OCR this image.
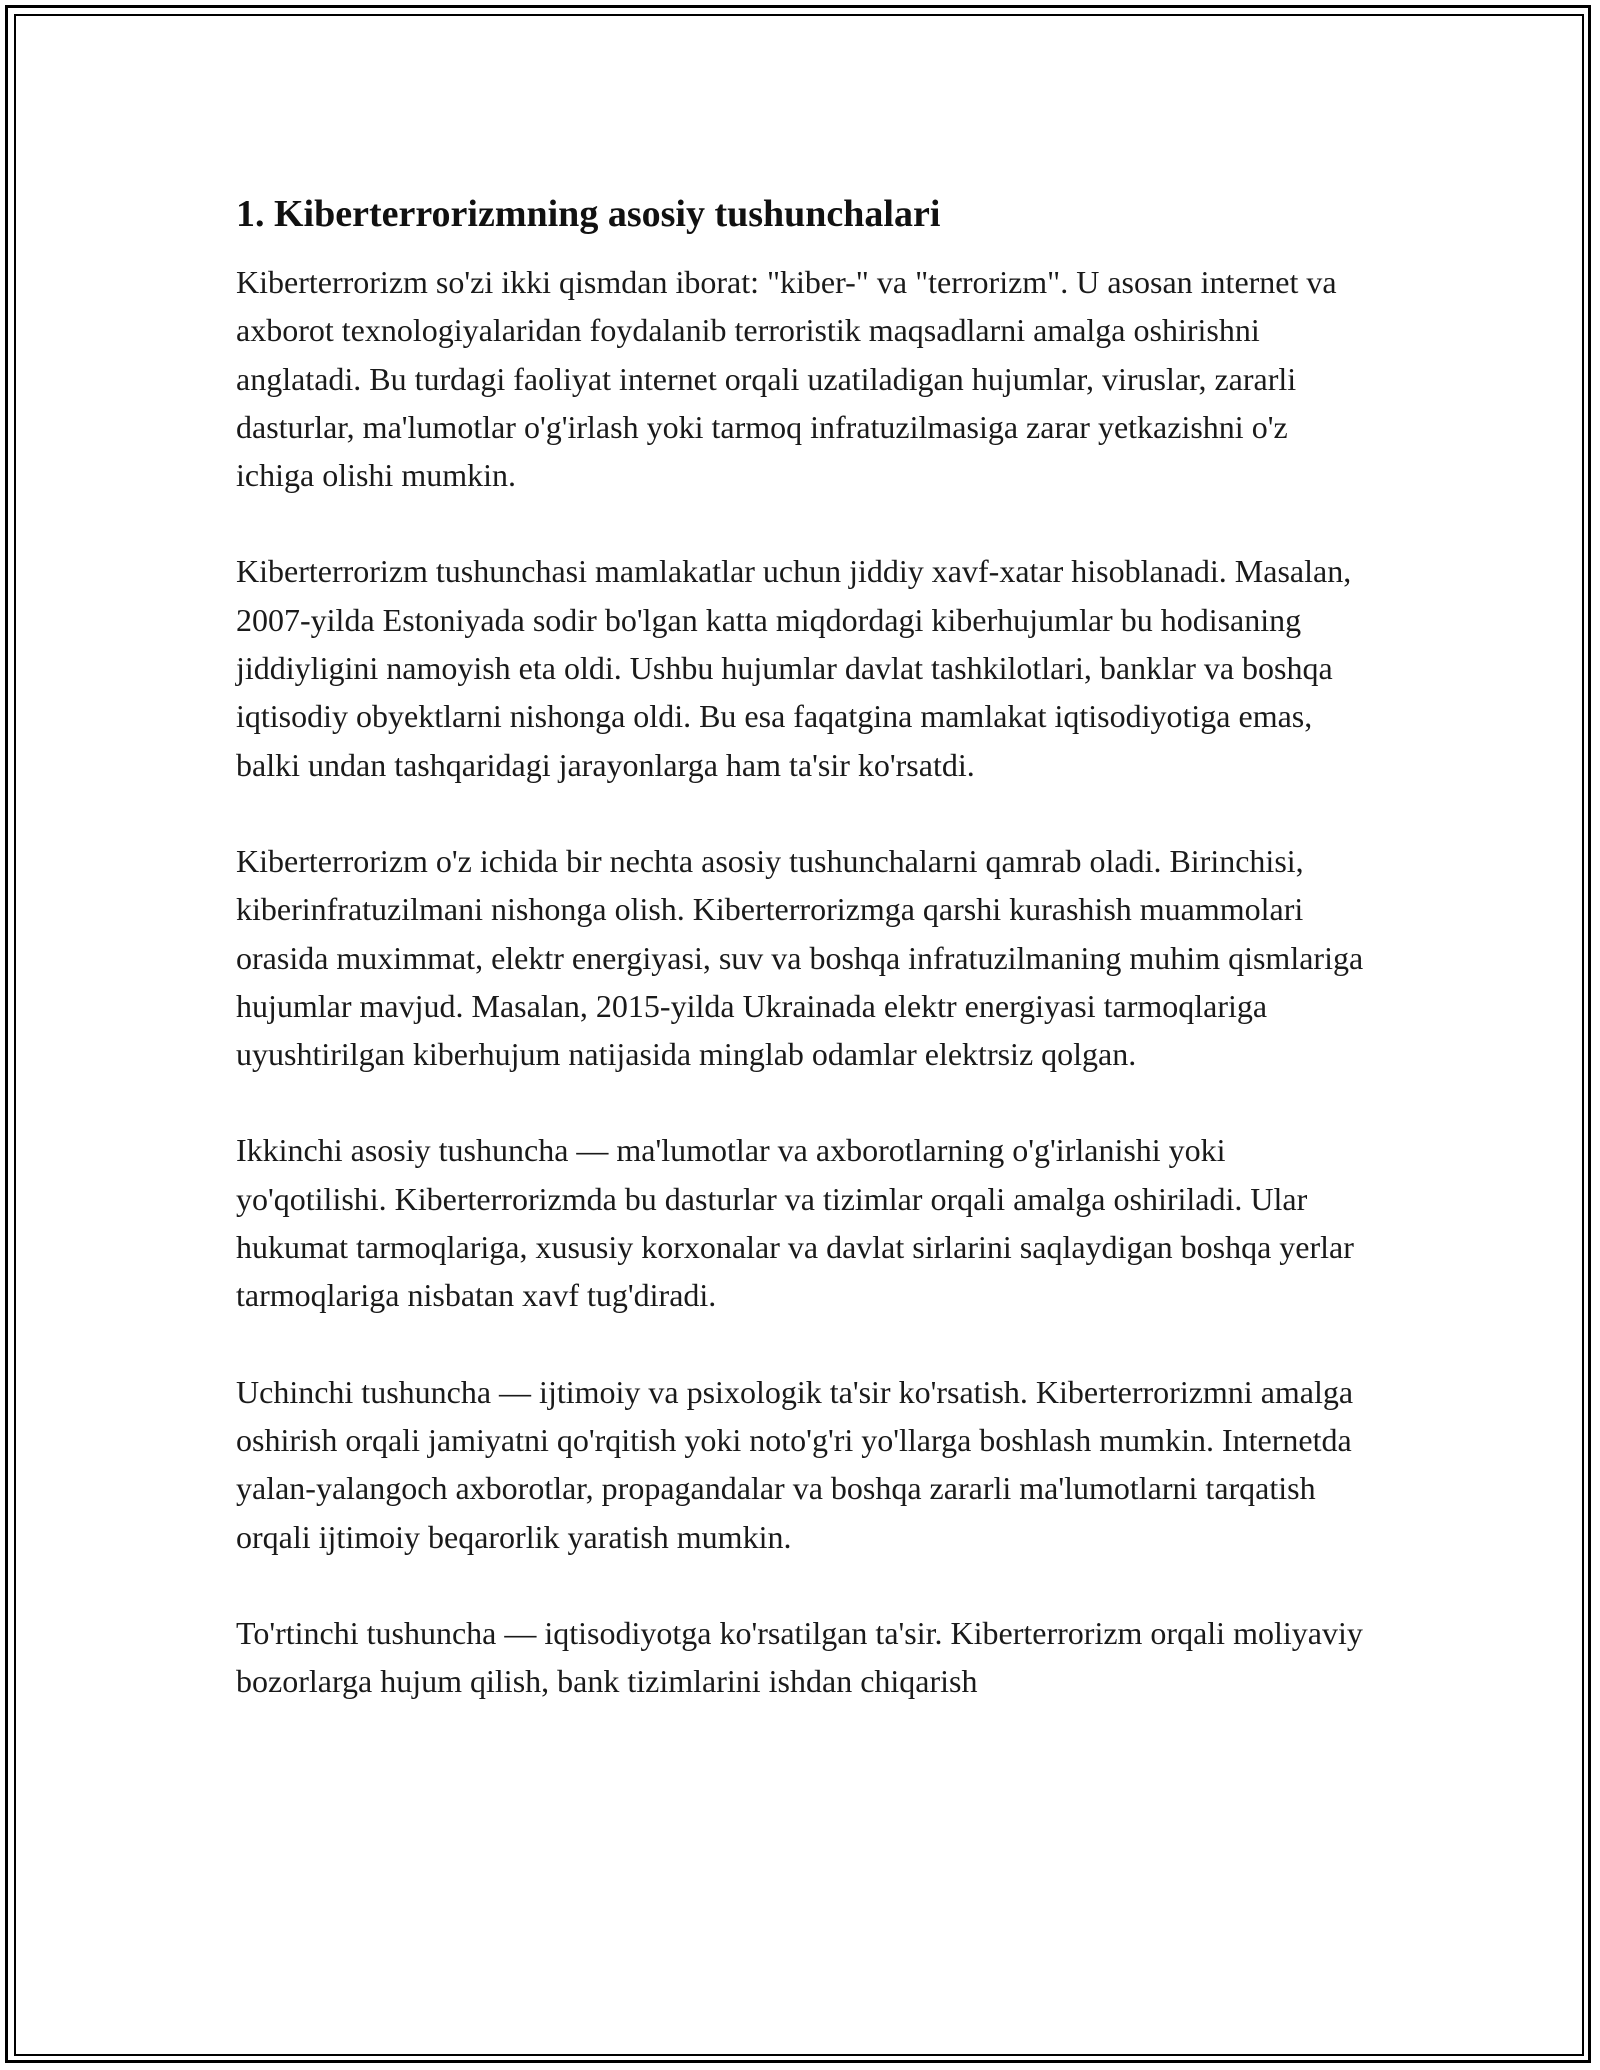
1. Kiberterrorizmning asosiy tushunchalari

Kiberterrorizm so'zi ikki qismdan iborat: "kiber-" va "terrorizm". U asosan internet va axborot texnologiyalaridan foydalanib terroristik maqsadlarni amalga oshirishni anglatadi. Bu turdagi faoliyat internet orqali uzatiladigan hujumlar, viruslar, zararli dasturlar, ma'lumotlar o'g'irlash yoki tarmoq infratuzilmasiga zarar yetkazishni o'z ichiga olishi mumkin.

Kiberterrorizm tushunchasi mamlakatlar uchun jiddiy xavf-xatar hisoblanadi. Masalan, 2007-yilda Estoniyada sodir bo'lgan katta miqdordagi kiberhujumlar bu hodisaning jiddiyligini namoyish eta oldi. Ushbu hujumlar davlat tashkilotlari, banklar va boshqa iqtisodiy obyektlarni nishonga oldi. Bu esa faqatgina mamlakat iqtisodiyotiga emas, balki undan tashqaridagi jarayonlarga ham ta'sir ko'rsatdi.

Kiberterrorizm o'z ichida bir nechta asosiy tushunchalarni qamrab oladi. Birinchisi, kiberinfratuzilmani nishonga olish. Kiberterrorizmga qarshi kurashish muammolari orasida muximmat, elektr energiyasi, suv va boshqa infratuzilmaning muhim qismlariga hujumlar mavjud. Masalan, 2015-yilda Ukrainada elektr energiyasi tarmoqlariga uyushtirilgan kiberhujum natijasida minglab odamlar elektrsiz qolgan.

Ikkinchi asosiy tushuncha — ma'lumotlar va axborotlarning o'g'irlanishi yoki yo'qotilishi. Kiberterrorizmda bu dasturlar va tizimlar orqali amalga oshiriladi. Ular hukumat tarmoqlariga, xususiy korxonalar va davlat sirlarini saqlaydigan boshqa yerlar tarmoqlariga nisbatan xavf tug'diradi.

Uchinchi tushuncha — ijtimoiy va psixologik ta'sir ko'rsatish. Kiberterrorizmni amalga oshirish orqali jamiyatni qo'rqitish yoki noto'g'ri yo'llarga boshlash mumkin. Internetda yalan-yalangoch axborotlar, propagandalar va boshqa zararli ma'lumotlarni tarqatish orqali ijtimoiy beqarorlik yaratish mumkin.

To'rtinchi tushuncha — iqtisodiyotga ko'rsatilgan ta'sir. Kiberterrorizm orqali moliyaviy bozorlarga hujum qilish, bank tizimlarini ishdan chiqarish
